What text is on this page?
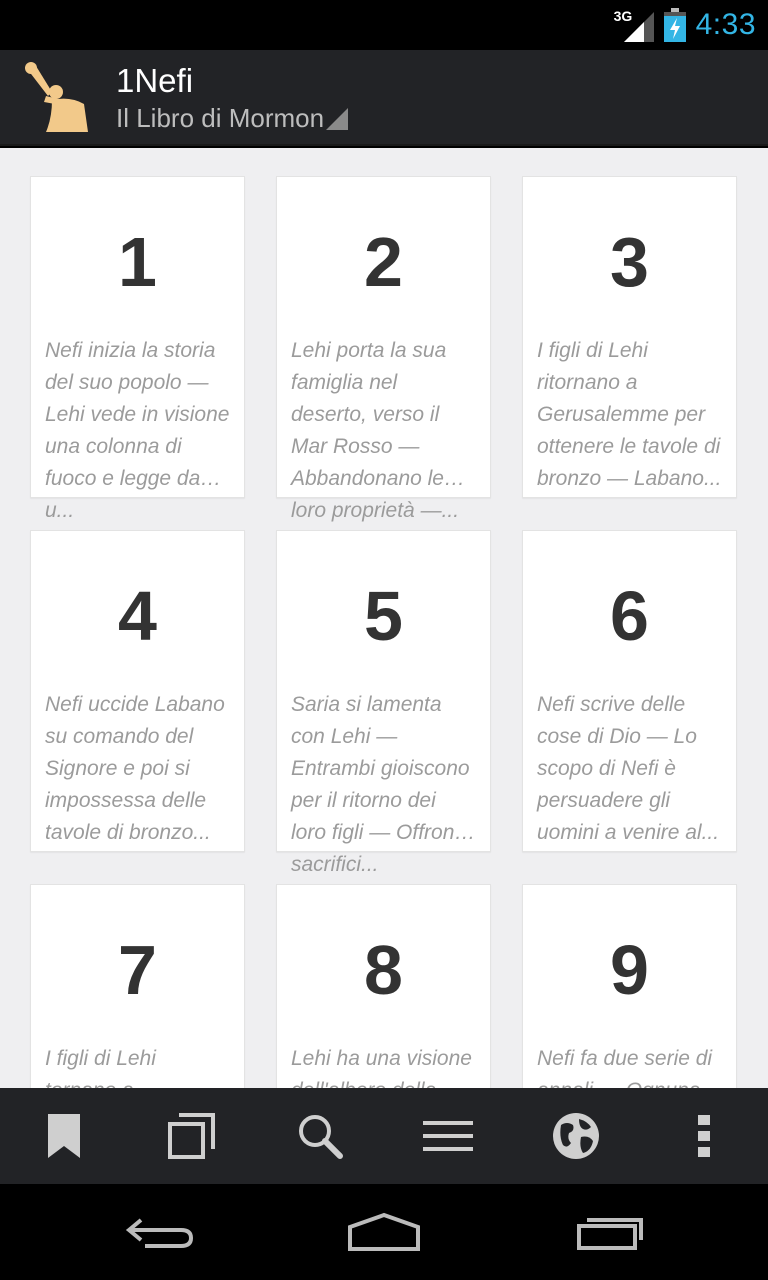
3G 4:33
1Nefi
Il Libro di Mormon
1
Nefi inizia la storia del suo popolo — Lehi vede in visione una colonna di fuoco e legge da u...
2
Lehi porta la sua famiglia nel deserto, verso il Mar Rosso — Abbandonano le loro proprietà —...
3
I figli di Lehi ritornano a Gerusalemme per ottenere le tavole di bronzo — Labano...
4
Nefi uccide Labano su comando del Signore e poi si impossessa delle tavole di bronzo...
5
Saria si lamenta con Lehi — Entrambi gioiscono per il ritorno dei loro figli — Offrono sacrifici...
6
Nefi scrive delle cose di Dio — Lo scopo di Nefi è persuadere gli uomini a venire al...
7
I figli di Lehi
8
Lehi ha una visione
9
Nefi fa due serie di
